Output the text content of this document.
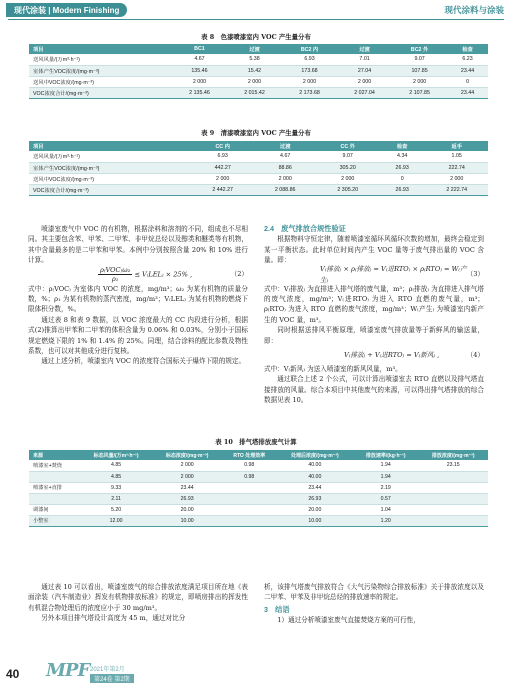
现代涂装 | Modern Finishing	现代涂料与涂装
表 8　色漆喷漆室内 VOC 产生量分布
项目	BC1	过渡	BC2 内	过渡	BC2 外	检查
送风风量/(万m³·h⁻¹)	4.67	5.38	6.93	7.01	9.07	6.23
室体产生VOC浓度/(mg·m⁻³)	135.46	15.42	173.68	27.04	107.85	23.44
送风中VOC浓度/(mg·m⁻³)	2 000	2 000	2 000	2 000	2 000	0
VOC浓度合计/(mg·m⁻³)	2 135.46	2 015.42	2 173.68	2 027.04	2 107.85	23.44
表 9　清漆喷漆室内 VOC 产生量分布
项目	CC 内	过渡	CC 外	检查	返手
送风风量/(万m³·h⁻¹)	6.93	4.67	9.07	4.34	1.05
室体产生VOC浓度/(mg·m⁻³)	442.27	88.86	305.20	26.93	222.74
送风中VOC浓度/(mg·m⁻³)	2 000	2 000	2 000	0	2 000
VOC浓度合计/(mg·m⁻³)	2 442.27	2 088.86	2 305.20	26.93	2 222.74

喷漆室废气中 VOC 的有机物，根据涂料和溶剂的不同，组成也不尽相同。其主要包含苯、甲苯、二甲苯、非甲烷总烃以及醇类和醚类等有机物，其中含量最多的是二甲苯和甲苯。本例中分别按照含量 20% 和 10% 进行计算。

$\frac{\text{ρ₍VOC₎ω₂}}{\text{ρ₁}} \le V_(LEL_) \times 25\%$ ,	（2）

式中：ρ₍VOC₎ 为室体内 VOC 的浓度，mg/m³；ω₂ 为某有机物的质量分数，%；ρ₁ 为某有机物的蒸汽密度，mg/m³；V₍LEL₎ 为某有机物的燃烧下限体积分数，%。

通过表 8 和表 9 数据，以 VOC 浓度最大的 CC 内段进行分析，根据式(2)推算出甲苯和二甲苯的体积含量为 0.06% 和 0.03%，分别小于国标规定燃烧下限的 1% 和 1.4% 的 25%。同理，结合涂料的配比参数及物性系数，也可以对其他成分进行复核。

通过上述分析，喷漆室内 VOC 的浓度符合国标关于爆炸下限的规定。

2.4　废气排放合规性验证

根据物料守恒定律，随着喷漆室循环风循环次数的增加，最终会稳定到某一平衡状态。此时单位时间内产生 VOC 量等于废气排出量的 VOC 含量。即：

V₍排放₎ × ρ₍排放₎ = V₍进RTO₎ × ρ₍RTO₎ = W₍产生₎
（3）

式中：V₍排放₎ 为直排进入排气塔的废气量，m³；ρ₍排放₎ 为直排进入排气塔的废气浓度，mg/m³；V₍进RTO₎ 为进入 RTO 直燃的废气量，m³；ρ₍RTO₎ 为进入 RTO 直燃的废气浓度，mg/m³；W₍产生₎ 为喷漆室内新产生的 VOC 量，m³。

同时根据送排风平衡原理，喷漆室废气排放量等于新鲜风的输送量，即：

V₍排放₎ + V₍进RTO₎ = V₍新风₎ ,	（4）

式中：V₍新风₎ 为送入喷漆室的新风风量，m³。

通过联合上述 2 个公式，可以计算出喷漆室去 RTO 直燃以及排气塔直接排放的风量。综合本项目中其他废气的来源，可以得出排气塔排放的综合数据见表 10。

表 10　排气塔排放废气计算
来源	标态风量/(万m³·h⁻¹)	标态浓度/(mg·m⁻³)	RTO 处理效率	处理后浓度/(mg·m⁻³)	排放速率/(kg·h⁻¹)	排放浓度/(mg·m⁻³)
喷漆室+焚烧	4.85	2 000	0.98	40.00	1.94	23.15
	4.85	2 000	0.98	40.00	1.94	
喷漆室+直排	9.33	23.44		23.44	2.19	
	2.11	26.93		26.93	0.57	
调漆间	5.20	20.00		20.00	1.04	
小整室	12.00	10.00		10.00	1.20	

通过表 10 可以看出，喷漆室废气的综合排放浓度满足项目所在地《表面涂装（汽车制造业）挥发有机物排放标准》的规定，即喷房排出的挥发性有机混合物处理后的浓度应小于 30 mg/m³。

另外本项目排气塔设计高度为 45 m，通过对比分

析，该排气塔废气排放符合《大气污染物综合排放标准》关于排放浓度以及二甲苯、甲苯及非甲烷总烃的排放速率的规定。

3　结语

1）通过分析喷漆室废气直接焚烧方案的可行性，

40 MPF 2021年第2月
第24卷 第2期
